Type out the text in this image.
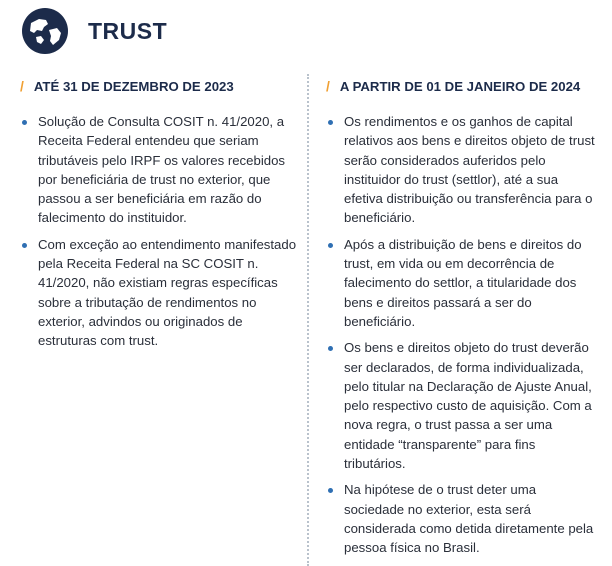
TRUST
/ ATÉ 31 DE DEZEMBRO DE 2023
Solução de Consulta COSIT n. 41/2020, a Receita Federal entendeu que seriam tributáveis pelo IRPF os valores recebidos por beneficiária de trust no exterior, que passou a ser beneficiária em razão do falecimento do instituidor.
Com exceção ao entendimento manifestado pela Receita Federal na SC COSIT n. 41/2020, não existiam regras específicas sobre a tributação de rendimentos no exterior, advindos ou originados de estruturas com trust.
/ A PARTIR DE 01 DE JANEIRO DE 2024
Os rendimentos e os ganhos de capital relativos aos bens e direitos objeto de trust serão considerados auferidos pelo instituidor do trust (settlor), até a sua efetiva distribuição ou transferência para o beneficiário.
Após a distribuição de bens e direitos do trust, em vida ou em decorrência de falecimento do settlor, a titularidade dos bens e direitos passará a ser do beneficiário.
Os bens e direitos objeto do trust deverão ser declarados, de forma individualizada, pelo titular na Declaração de Ajuste Anual, pelo respectivo custo de aquisição. Com a nova regra, o trust passa a ser uma entidade “transparente” para fins tributários.
Na hipótese de o trust deter uma sociedade no exterior, esta será considerada como detida diretamente pela pessoa física no Brasil.
